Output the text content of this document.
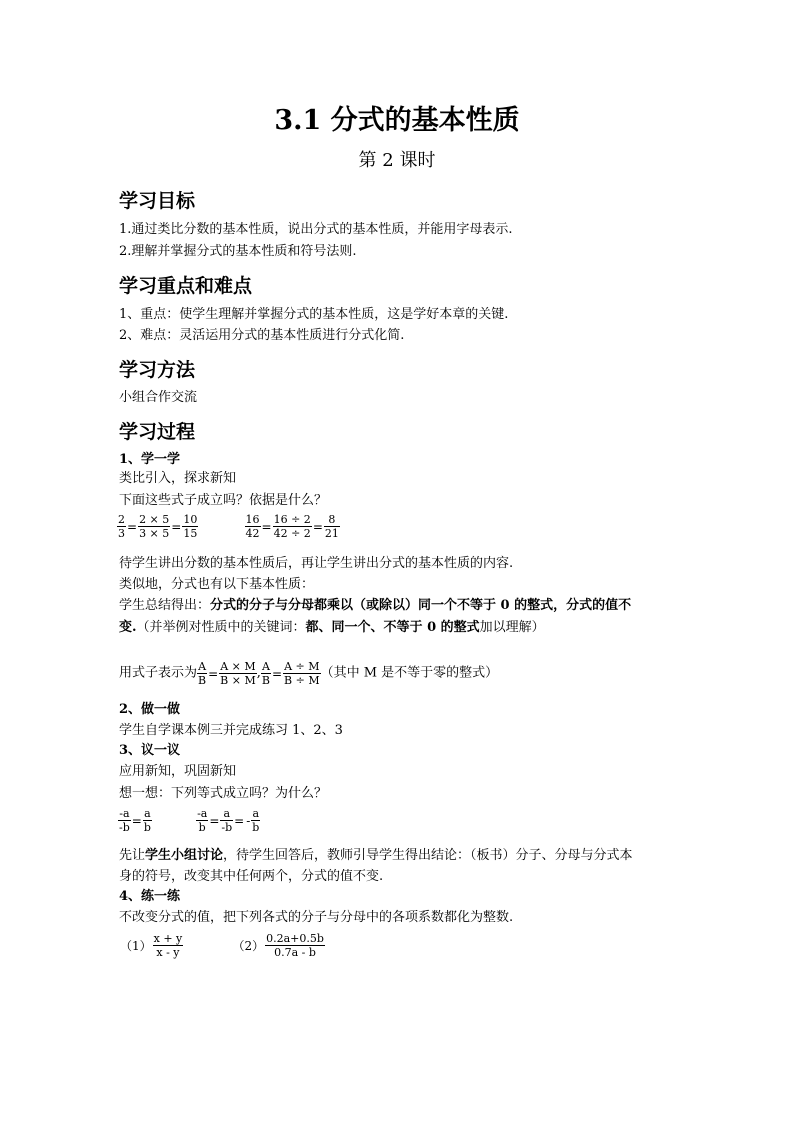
3.1 分式的基本性质
第 2 课时
学习目标
1.通过类比分数的基本性质，说出分式的基本性质，并能用字母表示.
2.理解并掌握分式的基本性质和符号法则.
学习重点和难点
1、重点：使学生理解并掌握分式的基本性质，这是学好本章的关键.
2、难点：灵活运用分式的基本性质进行分式化简.
学习方法
小组合作交流
学习过程
1、学一学
类比引入，探求新知
下面这些式子成立吗？依据是什么？
$\frac{2}{3} = \frac{2 \times 5}{3 \times 5} = \frac{10}{15}$
	$\frac{16}{42} = \frac{16 \div 2}{42 \div 2} = \frac{8}{21}$
待学生讲出分数的基本性质后，再让学生讲出分式的基本性质的内容.
类似地，分式也有以下基本性质：
学生总结得出：分式的分子与分母都乘以（或除以）同一个不等于 0 的整式，分式的值不
变.（并举例对性质中的关键词：都、同一个、不等于 0 的整式加以理解）
用式子表示为 $\frac{A}{B} = \frac{A \times M}{B \times M}$ , $\frac{A}{B} = \frac{A \div M}{B \div M}$ （其中 M 是不等于零的整式）
2、做一做
学生自学课本例三并完成练习 1、2、3
3、议一议
应用新知，巩固新知
想一想：下列等式成立吗？为什么？
$\frac{-a}{-b} = \frac{a}{b}$
	$\frac{-a}{b} = \frac{a}{-b}$ = - $\frac{a}{b}$
先让学生小组讨论，待学生回答后，教师引导学生得出结论：（板书）分子、分母与分式本
身的符号，改变其中任何两个，分式的值不变.
4、练一练
不改变分式的值，把下列各式的分子与分母中的各项系数都化为整数.
$(1) \frac{x + y}{x - y}$	$(2) \frac{0.2a+0.5b}{0.7a - b}$
